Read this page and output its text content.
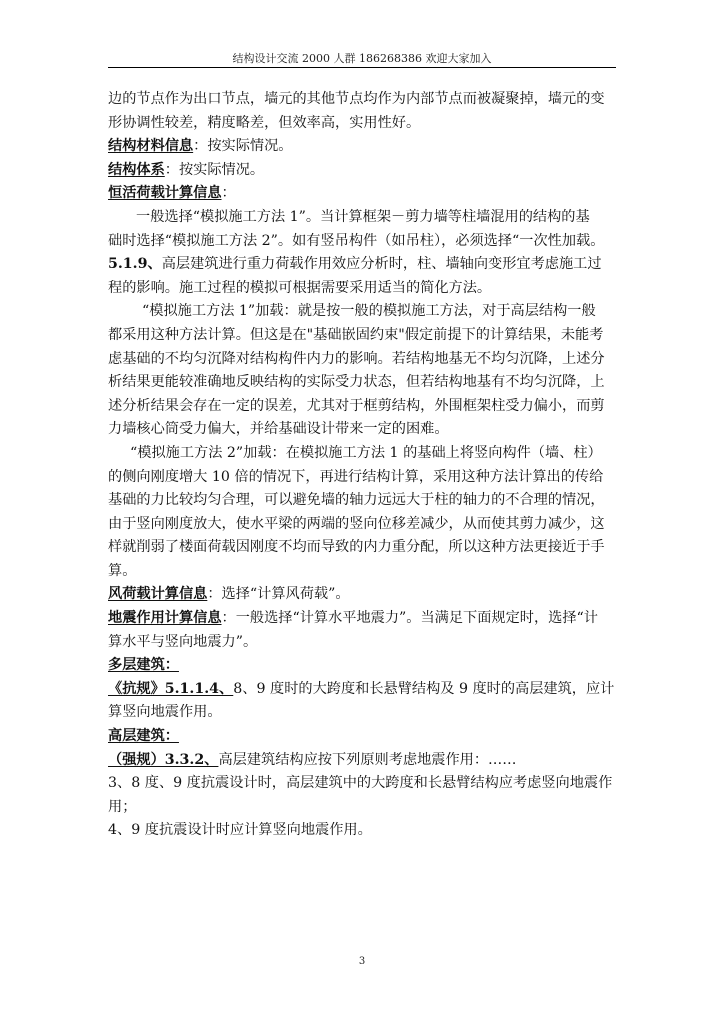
结构设计交流 2000 人群 186268386 欢迎大家加入
边的节点作为出口节点，墙元的其他节点均作为内部节点而被凝聚掉，墙元的变
形协调性较差，精度略差，但效率高，实用性好。
结构材料信息：按实际情况。
结构体系：按实际情况。
恒活荷载计算信息：
一般选择“模拟施工方法 1”。当计算框架－剪力墙等柱墙混用的结构的基
础时选择“模拟施工方法 2”。如有竖吊构件（如吊柱），必须选择“一次性加载。
5.1.9、高层建筑进行重力荷载作用效应分析时，柱、墙轴向变形宜考虑施工过
程的影响。施工过程的模拟可根据需要采用适当的简化方法。
“模拟施工方法 1”加载：就是按一般的模拟施工方法，对于高层结构一般
都采用这种方法计算。但这是在"基础嵌固约束"假定前提下的计算结果，未能考
虑基础的不均匀沉降对结构构件内力的影响。若结构地基无不均匀沉降，上述分
析结果更能较准确地反映结构的实际受力状态，但若结构地基有不均匀沉降，上
述分析结果会存在一定的误差，尤其对于框剪结构，外围框架柱受力偏小，而剪
力墙核心筒受力偏大，并给基础设计带来一定的困难。
“模拟施工方法 2”加载：在模拟施工方法 1 的基础上将竖向构件（墙、柱）
的侧向刚度增大 10 倍的情况下，再进行结构计算，采用这种方法计算出的传给
基础的力比较均匀合理，可以避免墙的轴力远远大于柱的轴力的不合理的情况，
由于竖向刚度放大，使水平梁的两端的竖向位移差减少，从而使其剪力减少，这
样就削弱了楼面荷载因刚度不均而导致的内力重分配，所以这种方法更接近于手
算。
风荷载计算信息：选择“计算风荷载”。
地震作用计算信息：一般选择“计算水平地震力”。当满足下面规定时，选择“计
算水平与竖向地震力”。
多层建筑：
《抗规》5.1.1.4、8、9 度时的大跨度和长悬臂结构及 9 度时的高层建筑，应计
算竖向地震作用。
高层建筑：
（强规）3.3.2、高层建筑结构应按下列原则考虑地震作用：……
3、8 度、9 度抗震设计时，高层建筑中的大跨度和长悬臂结构应考虑竖向地震作
用；
4、9 度抗震设计时应计算竖向地震作用。
3
